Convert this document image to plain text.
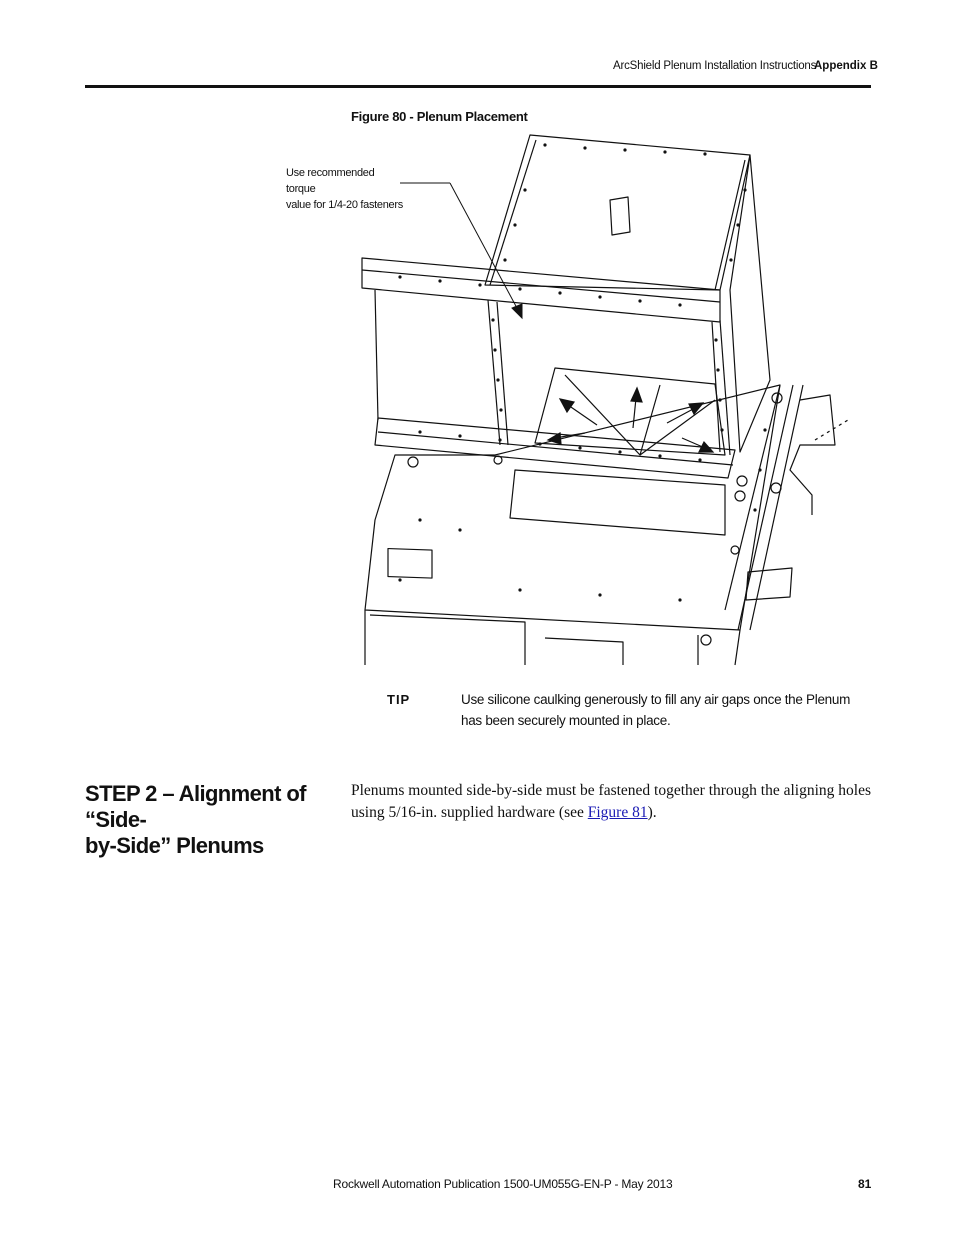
ArcShield Plenum Installation Instructions
Appendix B
Figure 80 - Plenum Placement
Use recommended torque
value for 1/4-20 fasteners
TIP	Use silicone caulking generously to fill any air gaps once the Plenum has been securely mounted in place.
STEP 2 – Alignment of “Side-
by-Side” Plenums
Plenums mounted side-by-side must be fastened together through the aligning holes using 5/16-in. supplied hardware (see Figure 81).
Rockwell Automation Publication 1500-UM055G-EN-P - May 2013	81
